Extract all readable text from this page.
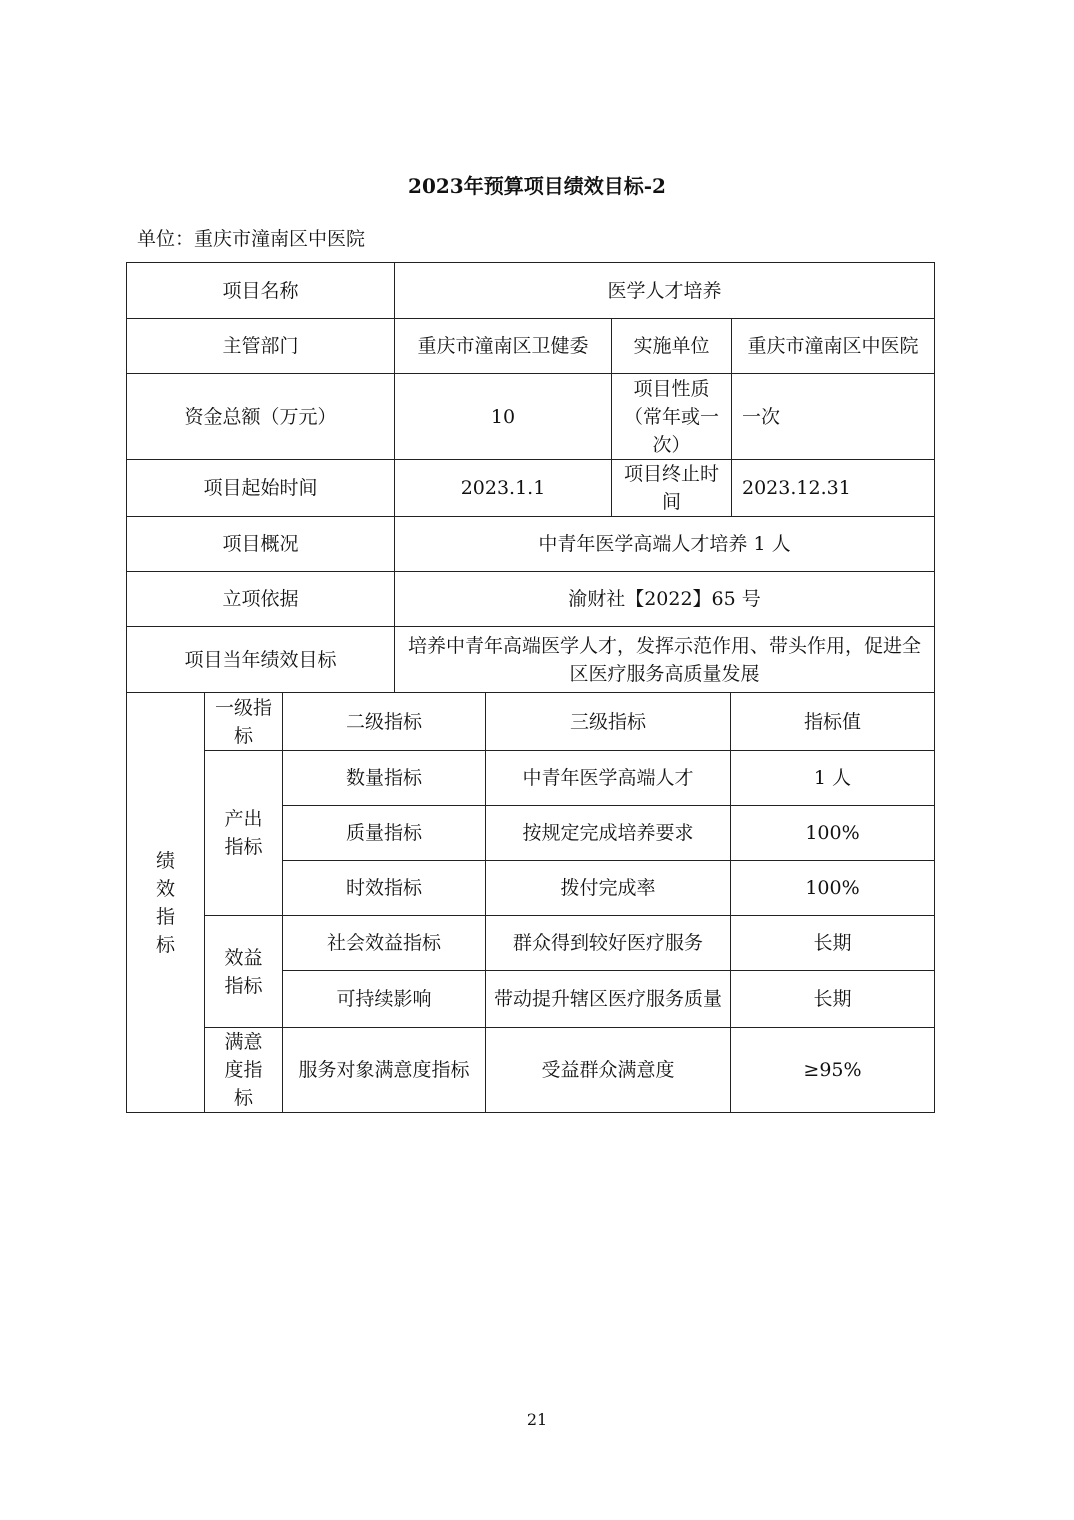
2023年预算项目绩效目标-2
单位：重庆市潼南区中医院
项目名称	医学人才培养		
主管部门	重庆市潼南区卫健委	实施单位	重庆市潼南区中医院
资金总额（万元）	10	项目性质（常年或一次）	一次
项目起始时间	2023.1.1	项目终止时间	2023.12.31
项目概况	中青年医学高端人才培养 1 人		
立项依据	渝财社【2022】65 号		
项目当年绩效目标	培养中青年高端医学人才，发挥示范作用、带头作用，促进全区医疗服务高质量发展		
绩效指标	一级指标	二级指标	三级指标	指标值
	产出指标	数量指标	中青年医学高端人才	1 人
		质量指标	按规定完成培养要求	100%
		时效指标	拨付完成率	100%
	效益指标	社会效益指标	群众得到较好医疗服务	长期
		可持续影响	带动提升辖区医疗服务质量	长期
	满意度指标	服务对象满意度指标	受益群众满意度	≥95%
21
